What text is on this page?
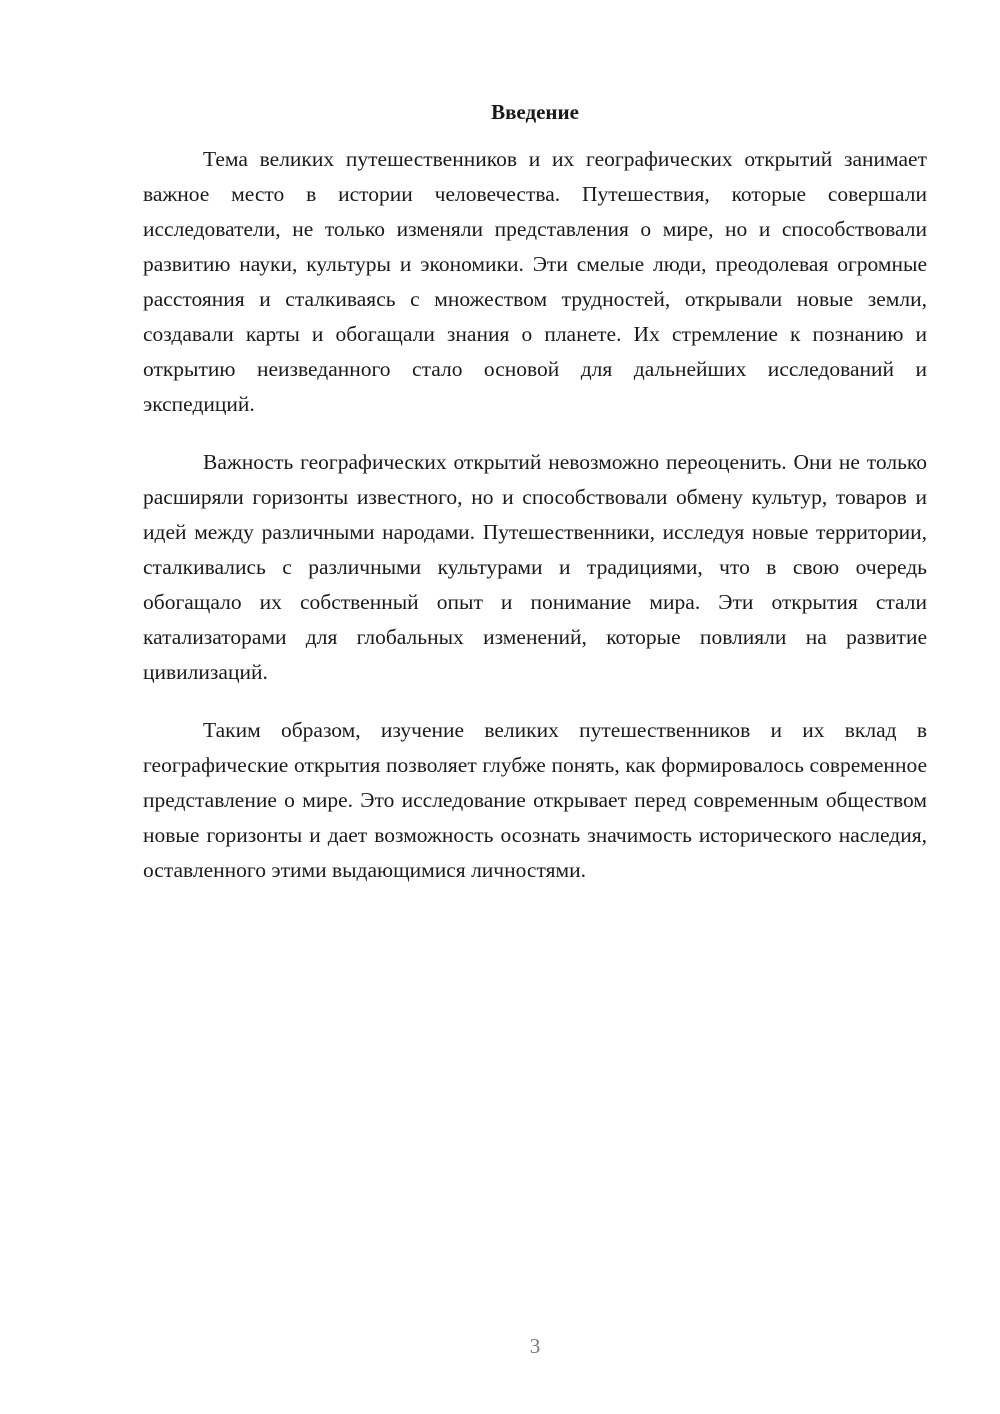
Введение

Тема великих путешественников и их географических открытий занимает важное место в истории человечества. Путешествия, которые совершали исследователи, не только изменяли представления о мире, но и способствовали развитию науки, культуры и экономики. Эти смелые люди, преодолевая огромные расстояния и сталкиваясь с множеством трудностей, открывали новые земли, создавали карты и обогащали знания о планете. Их стремление к познанию и открытию неизведанного стало основой для дальнейших исследований и экспедиций.

Важность географических открытий невозможно переоценить. Они не только расширяли горизонты известного, но и способствовали обмену культур, товаров и идей между различными народами. Путешественники, исследуя новые территории, сталкивались с различными культурами и традициями, что в свою очередь обогащало их собственный опыт и понимание мира. Эти открытия стали катализаторами для глобальных изменений, которые повлияли на развитие цивилизаций.

Таким образом, изучение великих путешественников и их вклад в географические открытия позволяет глубже понять, как формировалось современное представление о мире. Это исследование открывает перед современным обществом новые горизонты и дает возможность осознать значимость исторического наследия, оставленного этими выдающимися личностями.

3
